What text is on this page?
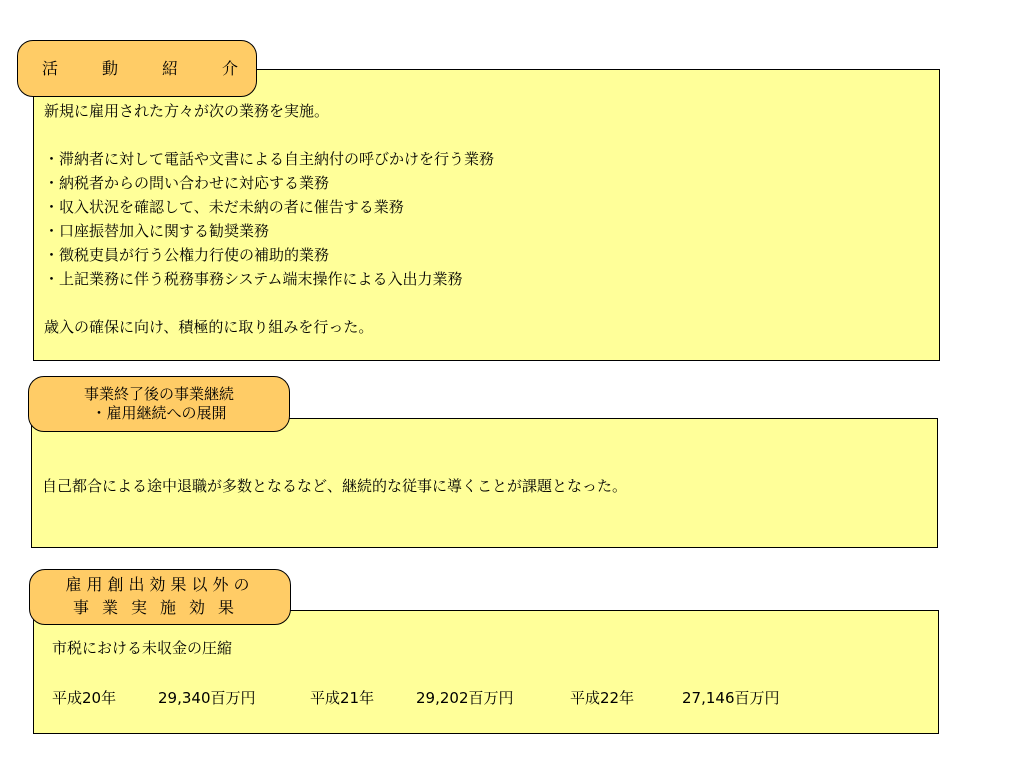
新規に雇用された方々が次の業務を実施。
・滞納者に対して電話や文書による自主納付の呼びかけを行う業務
・納税者からの問い合わせに対応する業務
・収入状況を確認して、未だ未納の者に催告する業務
・口座振替加入に関する勧奨業務
・徴税吏員が行う公権力行使の補助的業務
・上記業務に伴う税務事務システム端末操作による入出力業務
歳入の確保に向け、積極的に取り組みを行った。
活	動	紹	介
自己都合による途中退職が多数となるなど、継続的な従事に導くことが課題となった。
事業終了後の事業継続
・雇用継続への展開
市税における未収金の圧縮
平成20年	29,340百万円	平成21年	29,202百万円	平成22年	27,146百万円
雇用創出効果以外の
事業実施効果
